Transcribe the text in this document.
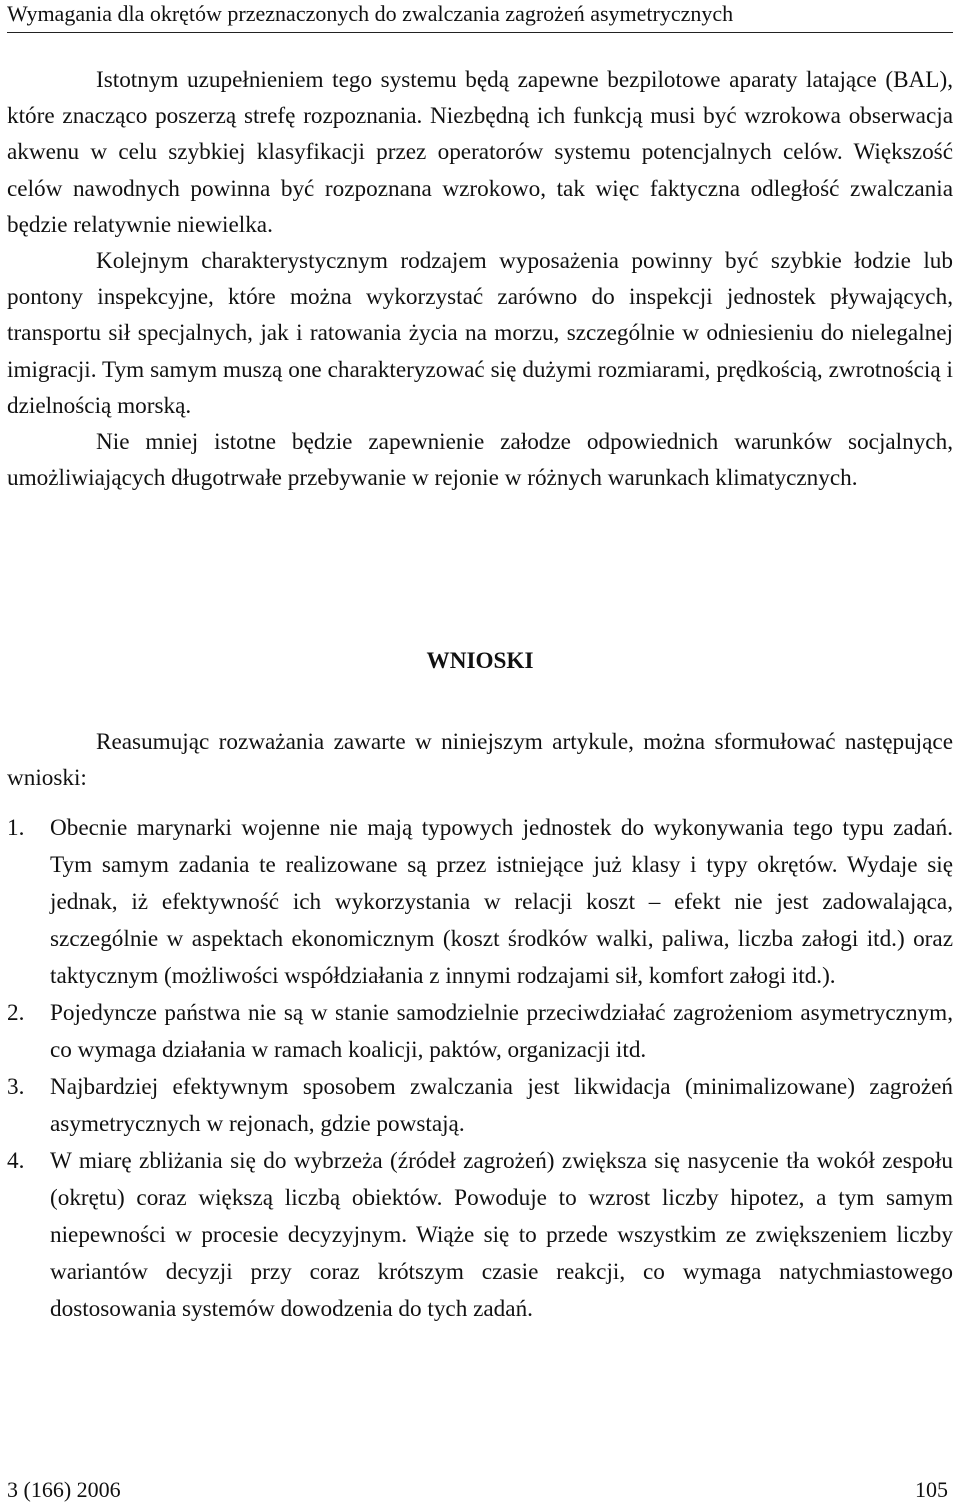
Wymagania dla okrętów przeznaczonych do zwalczania zagrożeń asymetrycznych

Istotnym uzupełnieniem tego systemu będą zapewne bezpilotowe aparaty latające (BAL), które znacząco poszerzą strefę rozpoznania. Niezbędną ich funkcją musi być wzrokowa obserwacja akwenu w celu szybkiej klasyfikacji przez operatorów systemu potencjalnych celów. Większość celów nawodnych powinna być rozpoznana wzrokowo, tak więc faktyczna odległość zwalczania będzie relatywnie niewielka.

Kolejnym charakterystycznym rodzajem wyposażenia powinny być szybkie łodzie lub pontony inspekcyjne, które można wykorzystać zarówno do inspekcji jednostek pływających, transportu sił specjalnych, jak i ratowania życia na morzu, szczególnie w odniesieniu do nielegalnej imigracji. Tym samym muszą one charakteryzować się dużymi rozmiarami, prędkością, zwrotnością i dzielnością morską.

Nie mniej istotne będzie zapewnienie załodze odpowiednich warunków socjalnych, umożliwiających długotrwałe przebywanie w rejonie w różnych warunkach klimatycznych.

WNIOSKI

Reasumując rozważania zawarte w niniejszym artykule, można sformułować następujące wnioski:

1. Obecnie marynarki wojenne nie mają typowych jednostek do wykonywania tego typu zadań. Tym samym zadania te realizowane są przez istniejące już klasy i typy okrętów. Wydaje się jednak, iż efektywność ich wykorzystania w relacji koszt – efekt nie jest zadowalająca, szczególnie w aspektach ekonomicznym (koszt środków walki, paliwa, liczba załogi itd.) oraz taktycznym (możliwości współdziałania z innymi rodzajami sił, komfort załogi itd.).
2. Pojedyncze państwa nie są w stanie samodzielnie przeciwdziałać zagrożeniom asymetrycznym, co wymaga działania w ramach koalicji, paktów, organizacji itd.
3. Najbardziej efektywnym sposobem zwalczania jest likwidacja (minimalizowane) zagrożeń asymetrycznych w rejonach, gdzie powstają.
4. W miarę zbliżania się do wybrzeża (źródeł zagrożeń) zwiększa się nasycenie tła wokół zespołu (okrętu) coraz większą liczbą obiektów. Powoduje to wzrost liczby hipotez, a tym samym niepewności w procesie decyzyjnym. Wiąże się to przede wszystkim ze zwiększeniem liczby wariantów decyzji przy coraz krótszym czasie reakcji, co wymaga natychmiastowego dostosowania systemów dowodzenia do tych zadań.
3 (166) 2006	105
